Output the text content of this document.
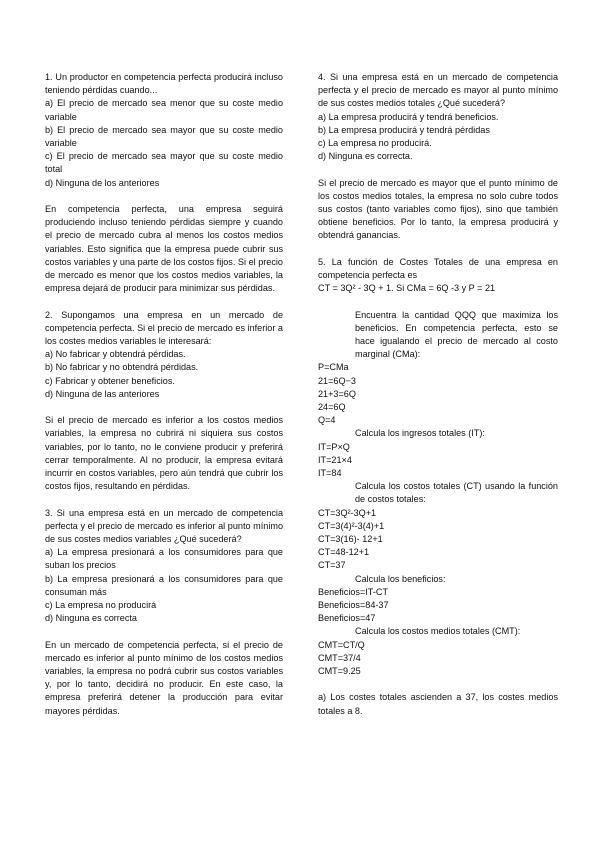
1. Un productor en competencia perfecta producirá incluso teniendo pérdidas cuando...

a) El precio de mercado sea menor que su coste medio variable

b) El precio de mercado sea mayor que su coste medio variable

c) El precio de mercado sea mayor que su coste medio total

d) Ninguna de los anteriores

En competencia perfecta, una empresa seguirá produciendo incluso teniendo pérdidas siempre y cuando el precio de mercado cubra al menos los costos medios variables. Esto significa que la empresa puede cubrir sus costos variables y una parte de los costos fijos. Si el precio de mercado es menor que los costos medios variables, la empresa dejará de producir para minimizar sus pérdidas.

2. Supongamos una empresa en un mercado de competencia perfecta. Si el precio de mercado es inferior a los costes medios variables le interesará:

a) No fabricar y obtendrá pérdidas.

b) No fabricar y no obtendrá pérdidas.

c) Fabricar y obtener beneficios.

d) Ninguna de las anteriores

Si el precio de mercado es inferior a los costos medios variables, la empresa no cubrirá ni siquiera sus costos variables, por lo tanto, no le conviene producir y preferirá cerrar temporalmente. Al no producir, la empresa evitará incurrir en costos variables, pero aún tendrá que cubrir los costos fijos, resultando en pérdidas.

3. Si una empresa está en un mercado de competencia perfecta y el precio de mercado es inferior al punto mínimo de sus costes medios variables ¿Qué sucederá?

a) La empresa presionará a los consumidores para que suban los precios

b) La empresa presionará a los consumidores para que consuman más

c) La empresa no producirá

d) Ninguna es correcta

En un mercado de competencia perfecta, si el precio de mercado es inferior al punto mínimo de los costos medios variables, la empresa no podrá cubrir sus costos variables y, por lo tanto, decidirá no producir. En este caso, la empresa preferirá detener la producción para evitar mayores pérdidas.

4. Si una empresa está en un mercado de competencia perfecta y el precio de mercado es mayor al punto mínimo de sus costes medios totales ¿Qué sucederá?

a) La empresa producirá y tendrá beneficios.

b) La empresa producirá y tendrá pérdidas

c) La empresa no producirá.

d) Ninguna es correcta.

Si el precio de mercado es mayor que el punto mínimo de los costos medios totales, la empresa no solo cubre todos sus costos (tanto variables como fijos), sino que también obtiene beneficios. Por lo tanto, la empresa producirá y obtendrá ganancias.

5. La función de Costes Totales de una empresa en competencia perfecta es

CT = 3Q² - 3Q + 1. Si CMa = 6Q -3 y P = 21

Encuentra la cantidad QQQ que maximiza los beneficios. En competencia perfecta, esto se hace igualando el precio de mercado al costo marginal (CMa):

P=CMa

21=6Q−3

21+3=6Q

24=6Q

Q=4

Calcula los ingresos totales (IT):

IT=P×Q

IT=21×4

IT=84

Calcula los costos totales (CT) usando la función de costos totales:

CT=3Q²-3Q+1

CT=3(4)²-3(4)+1

CT=3(16)- 12+1

CT=48-12+1

CT=37

Calcula los beneficios:

Beneficios=IT-CT

Beneficios=84-37

Beneficios=47

Calcula los costos medios totales (CMT):

CMT=CT/Q

CMT=37/4

CMT=9.25

a) Los costes totales ascienden a 37, los costes medios totales a 8.
